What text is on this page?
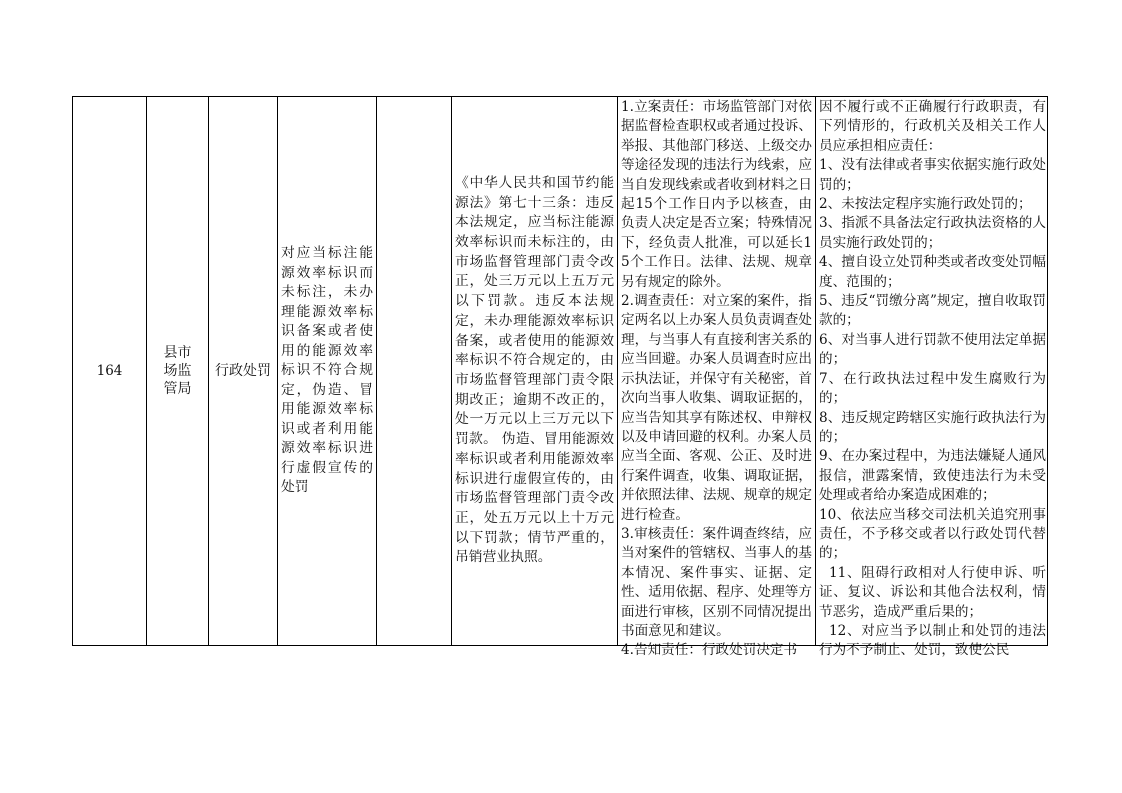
164
县市场监管局
行政处罚
对应当标注能源效率标识而未标注，未办理能源效率标识备案或者使用的能源效率标识不符合规定，伪造、冒用能源效率标识或者利用能源效率标识进行虚假宣传的处罚
《中华人民共和国节约能源法》第七十三条：违反本法规定，应当标注能源效率标识而未标注的，由市场监督管理部门责令改正，处三万元以上五万元以下罚款。违反本法规定，未办理能源效率标识备案，或者使用的能源效率标识不符合规定的，由市场监督管理部门责令限期改正；逾期不改正的，处一万元以上三万元以下罚款。 伪造、冒用能源效率标识或者利用能源效率标识进行虚假宣传的，由市场监督管理部门责令改正，处五万元以上十万元以下罚款；情节严重的，吊销营业执照。
1.立案责任：市场监管部门对依据监督检查职权或者通过投诉、举报、其他部门移送、上级交办等途径发现的违法行为线索，应当自发现线索或者收到材料之日起15个工作日内予以核查，由负责人决定是否立案；特殊情况下，经负责人批准，可以延长15个工作日。法律、法规、规章另有规定的除外。
2.调查责任：对立案的案件，指定两名以上办案人员负责调查处理，与当事人有直接利害关系的应当回避。办案人员调查时应出示执法证，并保守有关秘密，首次向当事人收集、调取证据的，应当告知其享有陈述权、申辩权以及申请回避的权利。办案人员应当全面、客观、公正、及时进行案件调查，收集、调取证据，并依照法律、法规、规章的规定进行检查。
3.审核责任：案件调查终结，应当对案件的管辖权、当事人的基本情况、案件事实、证据、定性、适用依据、程序、处理等方面进行审核，区别不同情况提出书面意见和建议。
4.告知责任：行政处罚决定书
因不履行或不正确履行行政职责，有下列情形的，行政机关及相关工作人员应承担相应责任：
1、没有法律或者事实依据实施行政处罚的；
2、未按法定程序实施行政处罚的；
3、指派不具备法定行政执法资格的人员实施行政处罚的；
4、擅自设立处罚种类或者改变处罚幅度、范围的；
5、违反“罚缴分离”规定，擅自收取罚款的；
6、对当事人进行罚款不使用法定单据的；
7、在行政执法过程中发生腐败行为的；
8、违反规定跨辖区实施行政执法行为的；
9、在办案过程中，为违法嫌疑人通风报信，泄露案情，致使违法行为未受处理或者给办案造成困难的；
10、依法应当移交司法机关追究刑事责任，不予移交或者以行政处罚代替的；
11、阻碍行政相对人行使申诉、听证、复议、诉讼和其他合法权利，情节恶劣，造成严重后果的；
12、对应当予以制止和处罚的违法行为不予制止、处罚，致使公民
